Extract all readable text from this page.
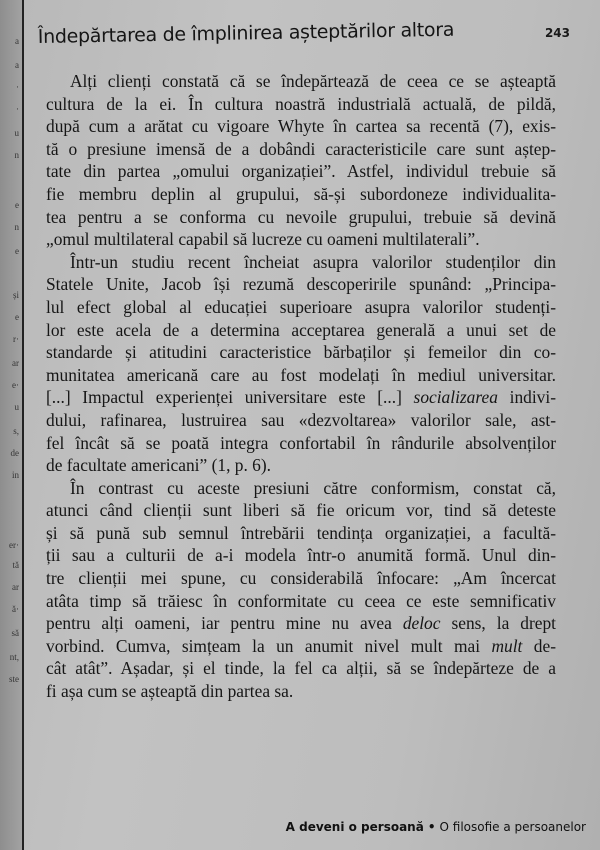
a
a
·
·
u
n
e
n
e
și
e
r·
ar
e·
u
s,
de
in
er·
tă
ar
ă·
să
nt,
ste
Îndepărtarea de împlinirea așteptărilor altora	243
Alți clienți constată că se îndepărtează de ceea ce se așteaptă
cultura de la ei. În cultura noastră industrială actuală, de pildă,
după cum a arătat cu vigoare Whyte în cartea sa recentă (7), exis-
tă o presiune imensă de a dobândi caracteristicile care sunt aștep-
tate din partea „omului organizației”. Astfel, individul trebuie să
fie membru deplin al grupului, să-și subordoneze individualita-
tea pentru a se conforma cu nevoile grupului, trebuie să devină
„omul multilateral capabil să lucreze cu oameni multilaterali”.
Într-un studiu recent încheiat asupra valorilor studenților din
Statele Unite, Jacob își rezumă descoperirile spunând: „Principa-
lul efect global al educației superioare asupra valorilor studenți-
lor este acela de a determina acceptarea generală a unui set de
standarde și atitudini caracteristice bărbaților și femeilor din co-
munitatea americană care au fost modelați în mediul universitar.
[...] Impactul experienței universitare este [...] socializarea indivi-
dului, rafinarea, lustruirea sau «dezvoltarea» valorilor sale, ast-
fel încât să se poată integra confortabil în rândurile absolvenților
de facultate americani” (1, p. 6).
În contrast cu aceste presiuni către conformism, constat că,
atunci când clienții sunt liberi să fie oricum vor, tind să deteste
și să pună sub semnul întrebării tendința organizației, a facultă-
ții sau a culturii de a-i modela într-o anumită formă. Unul din-
tre clienții mei spune, cu considerabilă înfocare: „Am încercat
atâta timp să trăiesc în conformitate cu ceea ce este semnificativ
pentru alți oameni, iar pentru mine nu avea deloc sens, la drept
vorbind. Cumva, simțeam la un anumit nivel mult mai mult de-
cât atât”. Așadar, și el tinde, la fel ca alții, să se îndepărteze de a
fi așa cum se așteaptă din partea sa.
A deveni o persoană • O filosofie a persoanelor
